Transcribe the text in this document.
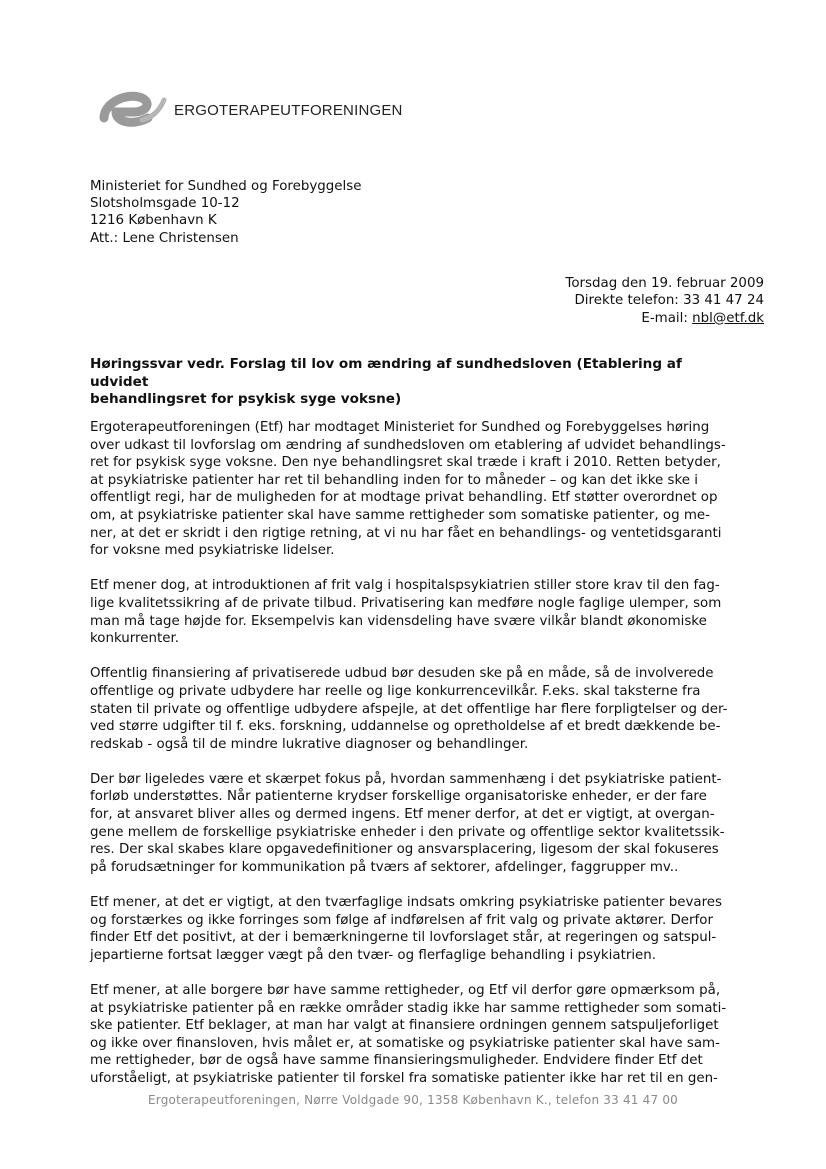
ERGOTERAPEUTFORENINGEN
Ministeriet for Sundhed og Forebyggelse
Slotsholmsgade 10-12
1216 København K
Att.: Lene Christensen
Torsdag den 19. februar 2009
Direkte telefon: 33 41 47 24
E-mail: nbl@etf.dk
Høringssvar vedr. Forslag til lov om ændring af sundhedsloven (Etablering af udvidet
behandlingsret for psykisk syge voksne)
Ergoterapeutforeningen (Etf) har modtaget Ministeriet for Sundhed og Forebyggelses høring
over udkast til lovforslag om ændring af sundhedsloven om etablering af udvidet behandlings-
ret for psykisk syge voksne. Den nye behandlingsret skal træde i kraft i 2010. Retten betyder,
at psykiatriske patienter har ret til behandling inden for to måneder – og kan det ikke ske i
offentligt regi, har de muligheden for at modtage privat behandling. Etf støtter overordnet op
om, at psykiatriske patienter skal have samme rettigheder som somatiske patienter, og me-
ner, at det er skridt i den rigtige retning, at vi nu har fået en behandlings- og ventetidsgaranti
for voksne med psykiatriske lidelser.
Etf mener dog, at introduktionen af frit valg i hospitalspsykiatrien stiller store krav til den fag-
lige kvalitetssikring af de private tilbud. Privatisering kan medføre nogle faglige ulemper, som
man må tage højde for. Eksempelvis kan vidensdeling have svære vilkår blandt økonomiske
konkurrenter.
Offentlig finansiering af privatiserede udbud bør desuden ske på en måde, så de involverede
offentlige og private udbydere har reelle og lige konkurrencevilkår. F.eks. skal taksterne fra
staten til private og offentlige udbydere afspejle, at det offentlige har flere forpligtelser og der-
ved større udgifter til f. eks. forskning, uddannelse og opretholdelse af et bredt dækkende be-
redskab - også til de mindre lukrative diagnoser og behandlinger.
Der bør ligeledes være et skærpet fokus på, hvordan sammenhæng i det psykiatriske patient-
forløb understøttes. Når patienterne krydser forskellige organisatoriske enheder, er der fare
for, at ansvaret bliver alles og dermed ingens. Etf mener derfor, at det er vigtigt, at overgan-
gene mellem de forskellige psykiatriske enheder i den private og offentlige sektor kvalitetssik-
res. Der skal skabes klare opgavedefinitioner og ansvarsplacering, ligesom der skal fokuseres
på forudsætninger for kommunikation på tværs af sektorer, afdelinger, faggrupper mv..
Etf mener, at det er vigtigt, at den tværfaglige indsats omkring psykiatriske patienter bevares
og forstærkes og ikke forringes som følge af indførelsen af frit valg og private aktører. Derfor
finder Etf det positivt, at der i bemærkningerne til lovforslaget står, at regeringen og satspul-
jepartierne fortsat lægger vægt på den tvær- og flerfaglige behandling i psykiatrien.
Etf mener, at alle borgere bør have samme rettigheder, og Etf vil derfor gøre opmærksom på,
at psykiatriske patienter på en række områder stadig ikke har samme rettigheder som somati-
ske patienter. Etf beklager, at man har valgt at finansiere ordningen gennem satspuljeforliget
og ikke over finansloven, hvis målet er, at somatiske og psykiatriske patienter skal have sam-
me rettigheder, bør de også have samme finansieringsmuligheder. Endvidere finder Etf det
uforståeligt, at psykiatriske patienter til forskel fra somatiske patienter ikke har ret til en gen-
Ergoterapeutforeningen, Nørre Voldgade 90, 1358 København K., telefon 33 41 47 00
